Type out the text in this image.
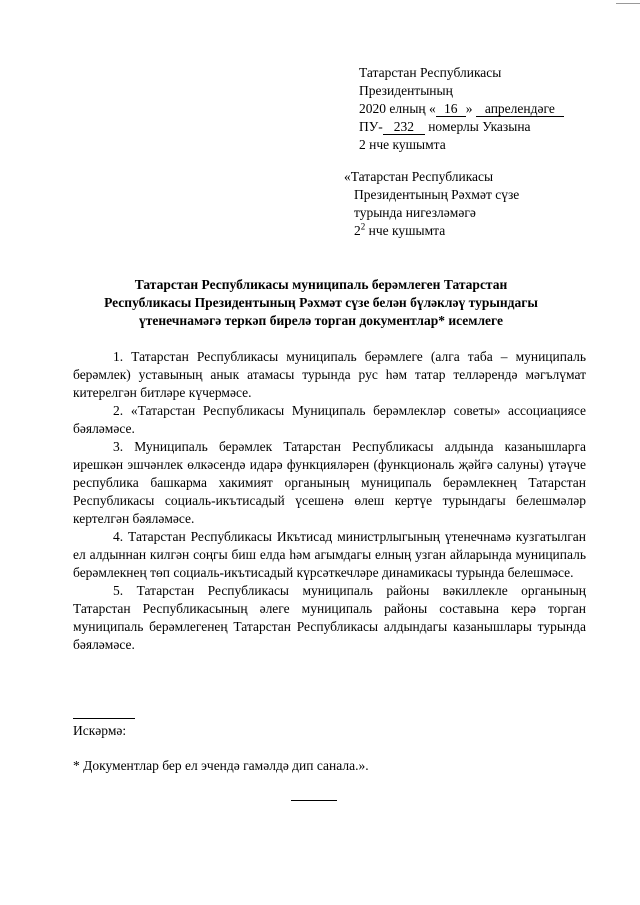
Татарстан Республикасы
Президентының
2020 елның « 16 » апрелендәге
ПУ- 232 номерлы Указына
2 нче кушымта
«Татарстан Республикасы
Президентының Рәхмәт сүзе
турында нигезләмәгә
$2^2$ нче кушымта
Татарстан Республикасы муниципаль берәмлеген Татарстан Республикасы Президентының Рәхмәт сүзе белән бүләкләү турындагы үтенечнамәгә теркәп бирелә торган документлар* исемлеге

1. Татарстан Республикасы муниципаль берәмлеге (алга таба – муниципаль берәмлек) уставының анык атамасы турында рус һәм татар телләрендә мәгълүмат китерелгән битләре күчермәсе.

2. «Татарстан Республикасы Муниципаль берәмлекләр советы» ассоциациясе бәяләмәсе.

3. Муниципаль берәмлек Татарстан Республикасы алдында казанышларга ирешкән эшчәнлек өлкәсендә идарә функцияләрен (функциональ җәйгә салуны) үтәүче республика башкарма хакимият органының муниципаль берәмлекнең Татарстан Республикасы социаль-икътисадый үсешенә өлеш кертүе турындагы белешмәләр кертелгән бәяләмәсе.

4. Татарстан Республикасы Икътисад министрлыгының үтенечнамә кузгатылган ел алдыннан килгән соңгы биш елда һәм агымдагы елның узган айларында муниципаль берәмлекнең төп социаль-икътисадый күрсәткечләре динамикасы турында белешмәсе.

5. Татарстан Республикасы муниципаль районы вәкиллекле органының Татарстан Республикасының әлеге муниципаль районы составына керә торган муниципаль берәмлегенең Татарстан Республикасы алдындагы казанышлары турында бәяләмәсе.

Искәрмә:
* Документлар бер ел эчендә гамәлдә дип санала.».
